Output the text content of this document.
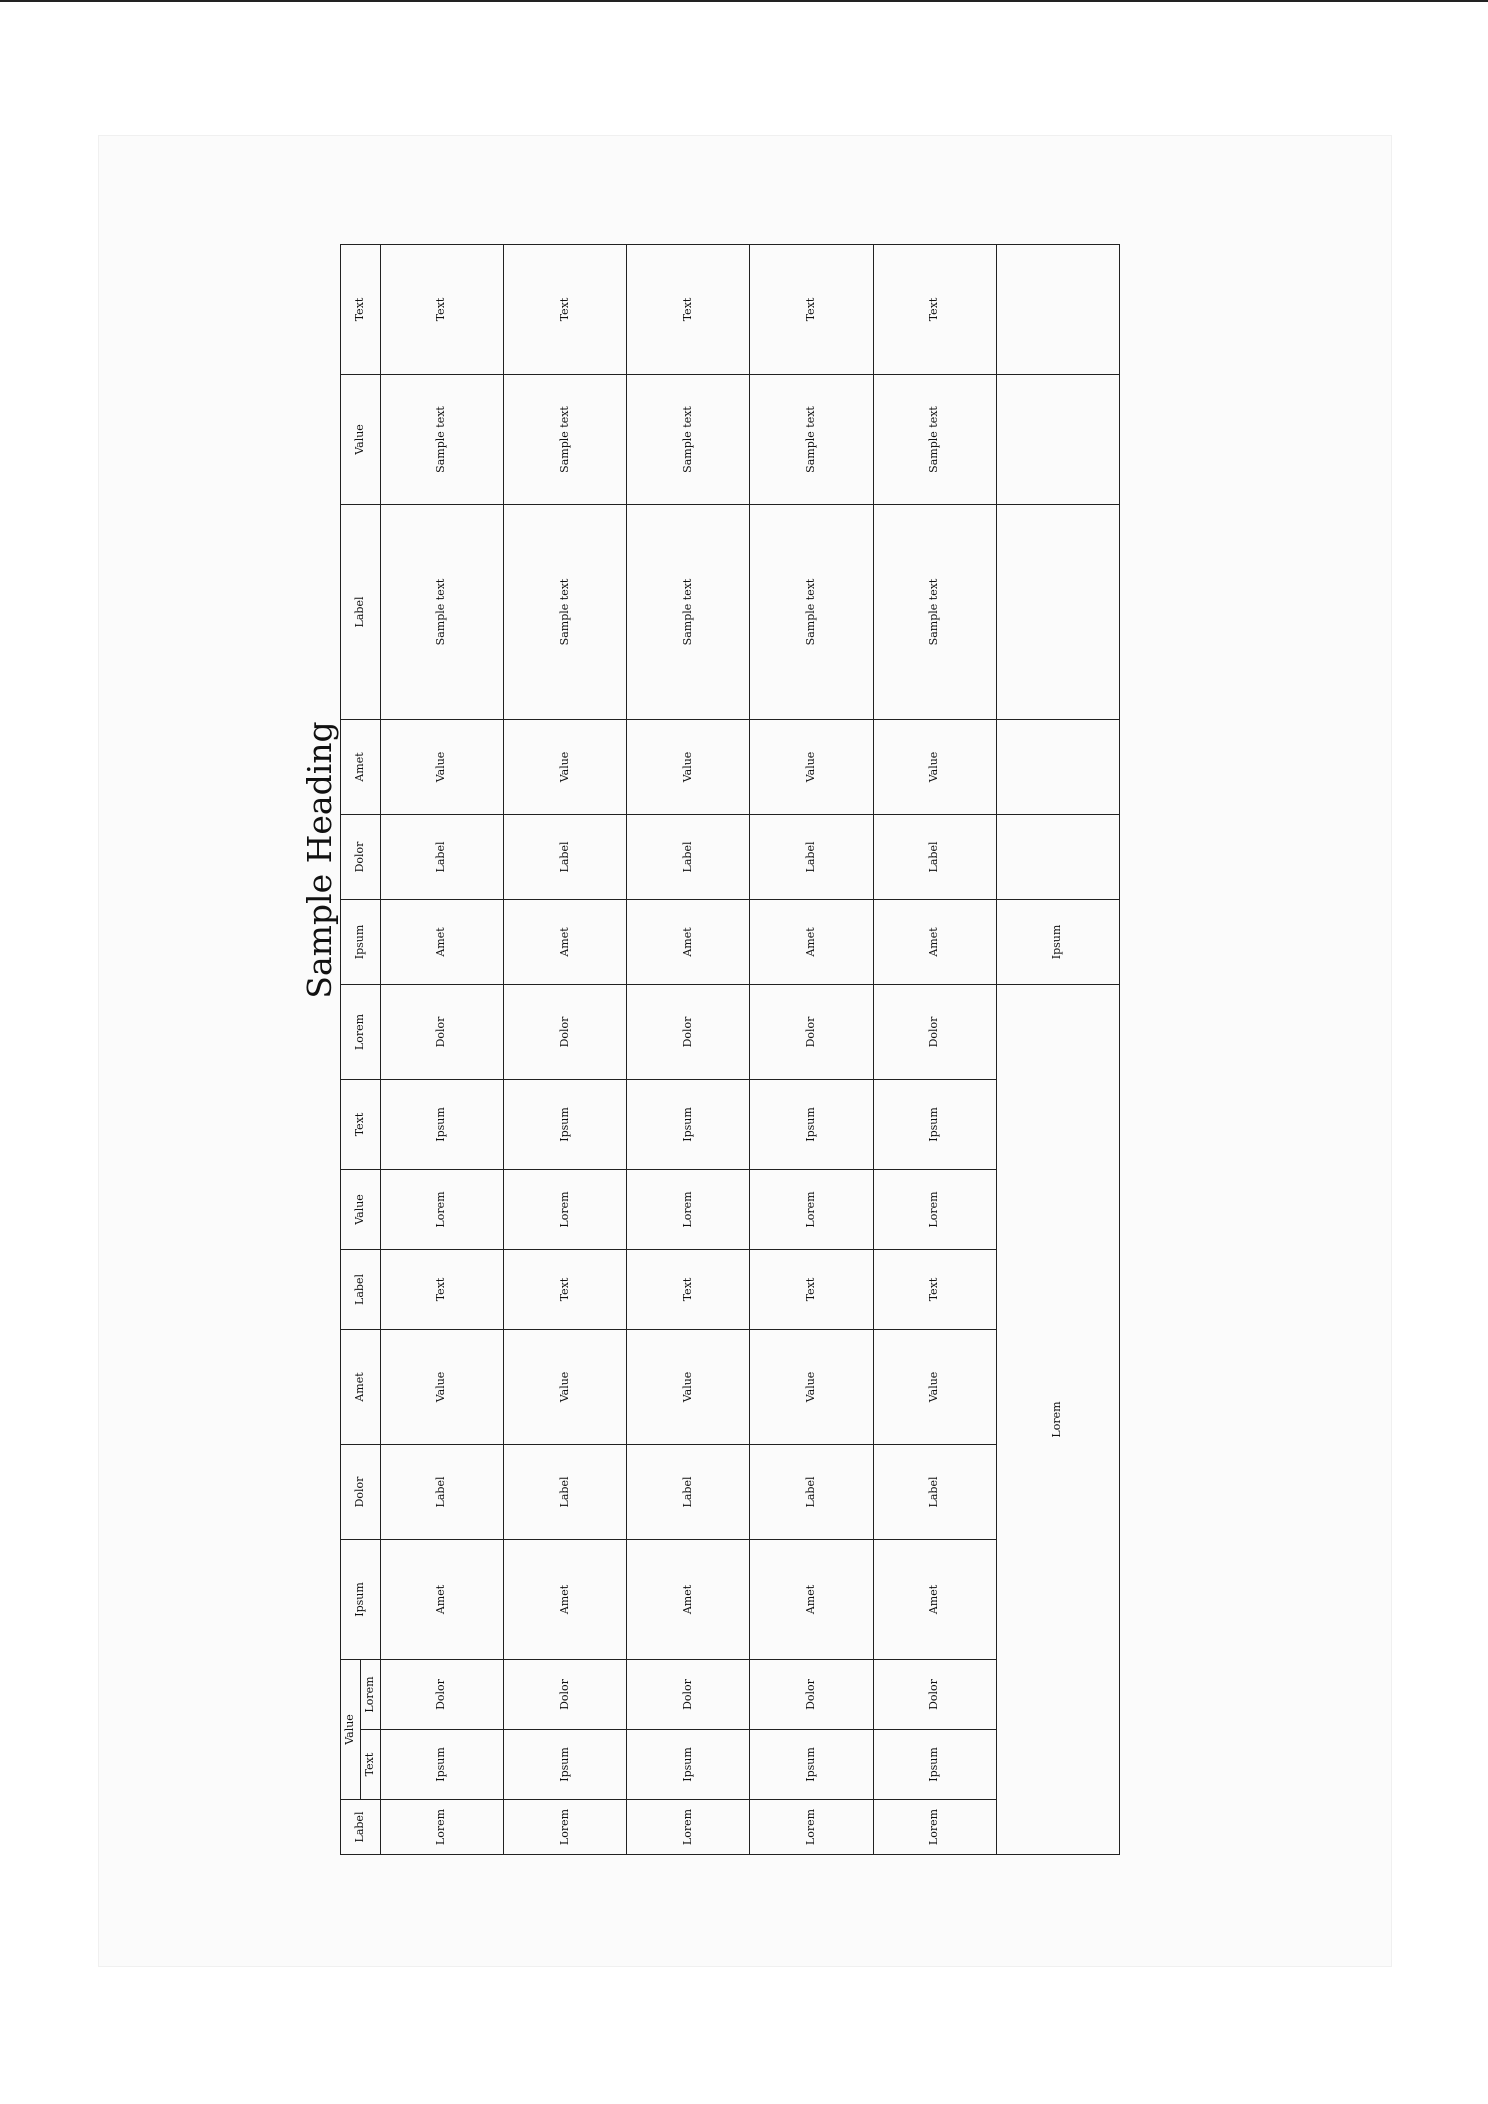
Sample Heading
Label	Value		Ipsum	Dolor	Amet	Label	Value	Text	Lorem	Ipsum	Dolor	Amet	Label	Value	Text
	Text	Lorem													
Lorem	Ipsum	Dolor	Amet	Label	Value	Text	Lorem	Ipsum	Dolor	Amet	Label	Value	Sample text	Sample text	Text
Lorem	Ipsum	Dolor	Amet	Label	Value	Text	Lorem	Ipsum	Dolor	Amet	Label	Value	Sample text	Sample text	Text
Lorem	Ipsum	Dolor	Amet	Label	Value	Text	Lorem	Ipsum	Dolor	Amet	Label	Value	Sample text	Sample text	Text
Lorem	Ipsum	Dolor	Amet	Label	Value	Text	Lorem	Ipsum	Dolor	Amet	Label	Value	Sample text	Sample text	Text
Lorem	Ipsum	Dolor	Amet	Label	Value	Text	Lorem	Ipsum	Dolor	Amet	Label	Value	Sample text	Sample text	Text
Lorem										Ipsum					
